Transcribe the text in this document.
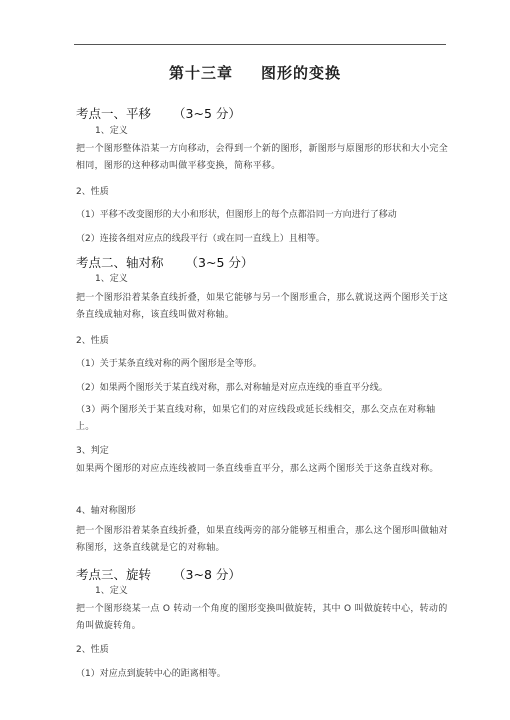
第十三章 图形的变换
考点一、平移 （3~5 分）
1、定义
把一个图形整体沿某一方向移动，会得到一个新的图形，新图形与原图形的形状和大小完全相同，图形的这种移动叫做平移变换，简称平移。
2、性质
（1）平移不改变图形的大小和形状，但图形上的每个点都沿同一方向进行了移动
（2）连接各组对应点的线段平行（或在同一直线上）且相等。
考点二、轴对称 （3~5 分）
1、定义
把一个图形沿着某条直线折叠，如果它能够与另一个图形重合，那么就说这两个图形关于这条直线成轴对称，该直线叫做对称轴。
2、性质
（1）关于某条直线对称的两个图形是全等形。
（2）如果两个图形关于某直线对称，那么对称轴是对应点连线的垂直平分线。
（3）两个图形关于某直线对称，如果它们的对应线段或延长线相交，那么交点在对称轴上。
3、判定
如果两个图形的对应点连线被同一条直线垂直平分，那么这两个图形关于这条直线对称。
4、轴对称图形
把一个图形沿着某条直线折叠，如果直线两旁的部分能够互相重合，那么这个图形叫做轴对称图形，这条直线就是它的对称轴。
考点三、旋转 （3~8 分）
1、定义
把一个图形绕某一点 O 转动一个角度的图形变换叫做旋转，其中 O 叫做旋转中心，转动的角叫做旋转角。
2、性质
（1）对应点到旋转中心的距离相等。
